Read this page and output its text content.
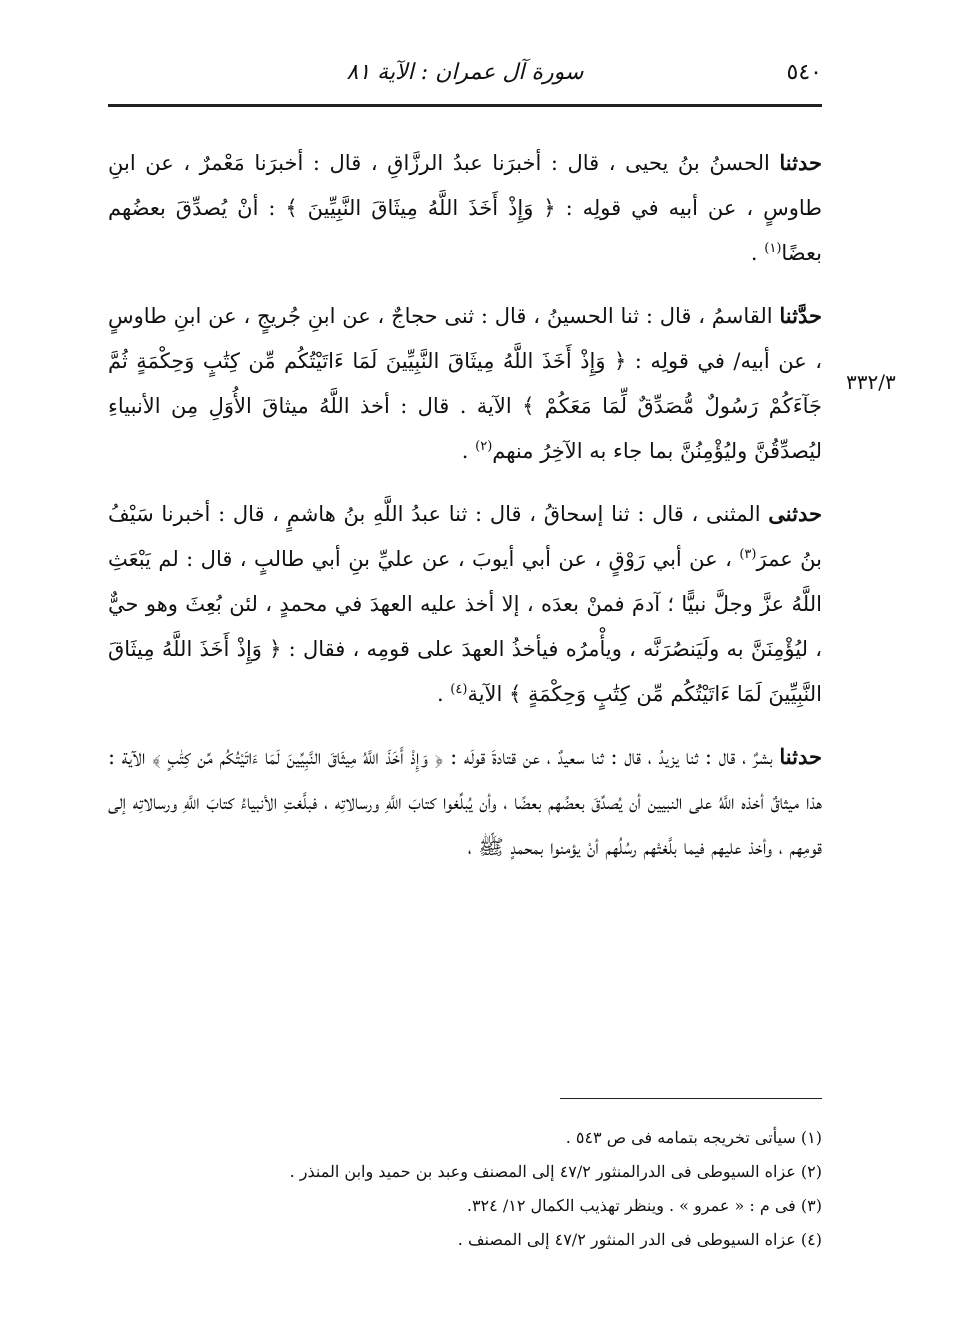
٥٤٠
سورة آل عمران : الآية ٨١
٣٣٢/٣

حدثنا الحسنُ بنُ يحيى ، قال : أخبرَنا عبدُ الرزَّاقِ ، قال : أخبرَنا مَعْمرٌ ، عن ابنِ طاوسٍ ، عن أبيه في قولِه : ﴿ وَإِذْ أَخَذَ اللَّهُ مِيثَاقَ النَّبِيِّينَ ﴾ : أنْ يُصدِّقَ بعضُهم بعضًا$^{(١)}$ .

حدَّثنا القاسمُ ، قال : ثنا الحسينُ ، قال : ثنى حجاجٌ ، عن ابنِ جُريجٍ ، عن ابنِ طاوسٍ ، عن أبيه/ في قولِه : ﴿ وَإِذْ أَخَذَ اللَّهُ مِيثَاقَ النَّبِيِّينَ لَمَا ءَاتَيْتُكُم مِّن كِتَٰبٍ وَحِكْمَةٍ ثُمَّ جَآءَكُمْ رَسُولٌ مُّصَدِّقٌ لِّمَا مَعَكُمْ ﴾ الآية . قال : أخذ اللَّهُ ميثاقَ الأُوَلِ مِن الأنبياءِ ليُصدِّقُنَّ وليُؤْمِنُنَّ بما جاء به الآخِرُ منهم$^{(٢)}$ .

حدثنى المثنى ، قال : ثنا إسحاقُ ، قال : ثنا عبدُ اللَّهِ بنُ هاشمٍ ، قال : أخبرنا سَيْفُ بنُ عمرَ$^{(٣)}$ ، عن أبي رَوْقٍ ، عن أبي أيوبَ ، عن عليِّ بنِ أبي طالبٍ ، قال : لم يَبْعَثِ اللَّهُ عزَّ وجلَّ نبيًّا ؛ آدمَ فمنْ بعدَه ، إلا أخذ عليه العهدَ في محمدٍ ، لئن بُعِثَ وهو حيٌّ ، ليُؤْمِنَنَّ به ولَيَنصُرَنَّه ، ويأْمرُه فيأخذُ العهدَ على قومِه ، فقال : ﴿ وَإِذْ أَخَذَ اللَّهُ مِيثَاقَ النَّبِيِّينَ لَمَا ءَاتَيْتُكُم مِّن كِتَٰبٍ وَحِكْمَةٍ ﴾ الآية$^{(٤)}$ .

حدثنا بشرٌ ، قال : ثنا يزيدُ ، قال : ثنا سعيدٌ ، عن قتادةَ قولَه : ﴿ وَإِذْ أَخَذَ اللَّهُ مِيثَاقَ النَّبِيِّينَ لَمَا ءَاتَيْتُكُم مِّن كِتَٰبٍ ﴾ الآية : هذا ميثاقٌ أخذه اللَّهُ على النبيين أن يُصدِّقَ بعضُهم بعضًا ، وأن يُبلِّغوا كتابَ اللَّهِ ورسالاتِه ، فبلَّغتِ الأنبياءُ كتابَ اللَّهِ ورسالاتِه إلى قومِهم ، وأخذ عليهم فيما بلَّغتْهم رسُلُهم أنْ يؤمنوا بمحمدٍ ﷺ ،

(١) سيأتى تخريجه بتمامه فى ص ٥٤٣ .

(٢) عزاه السيوطى فى الدرالمنثور ٤٧/٢ إلى المصنف وعبد بن حميد وابن المنذر .

(٣) فى م : « عمرو » . وينظر تهذيب الكمال ١٢/ ٣٢٤.

(٤) عزاه السيوطى فى الدر المنثور ٤٧/٢ إلى المصنف .
